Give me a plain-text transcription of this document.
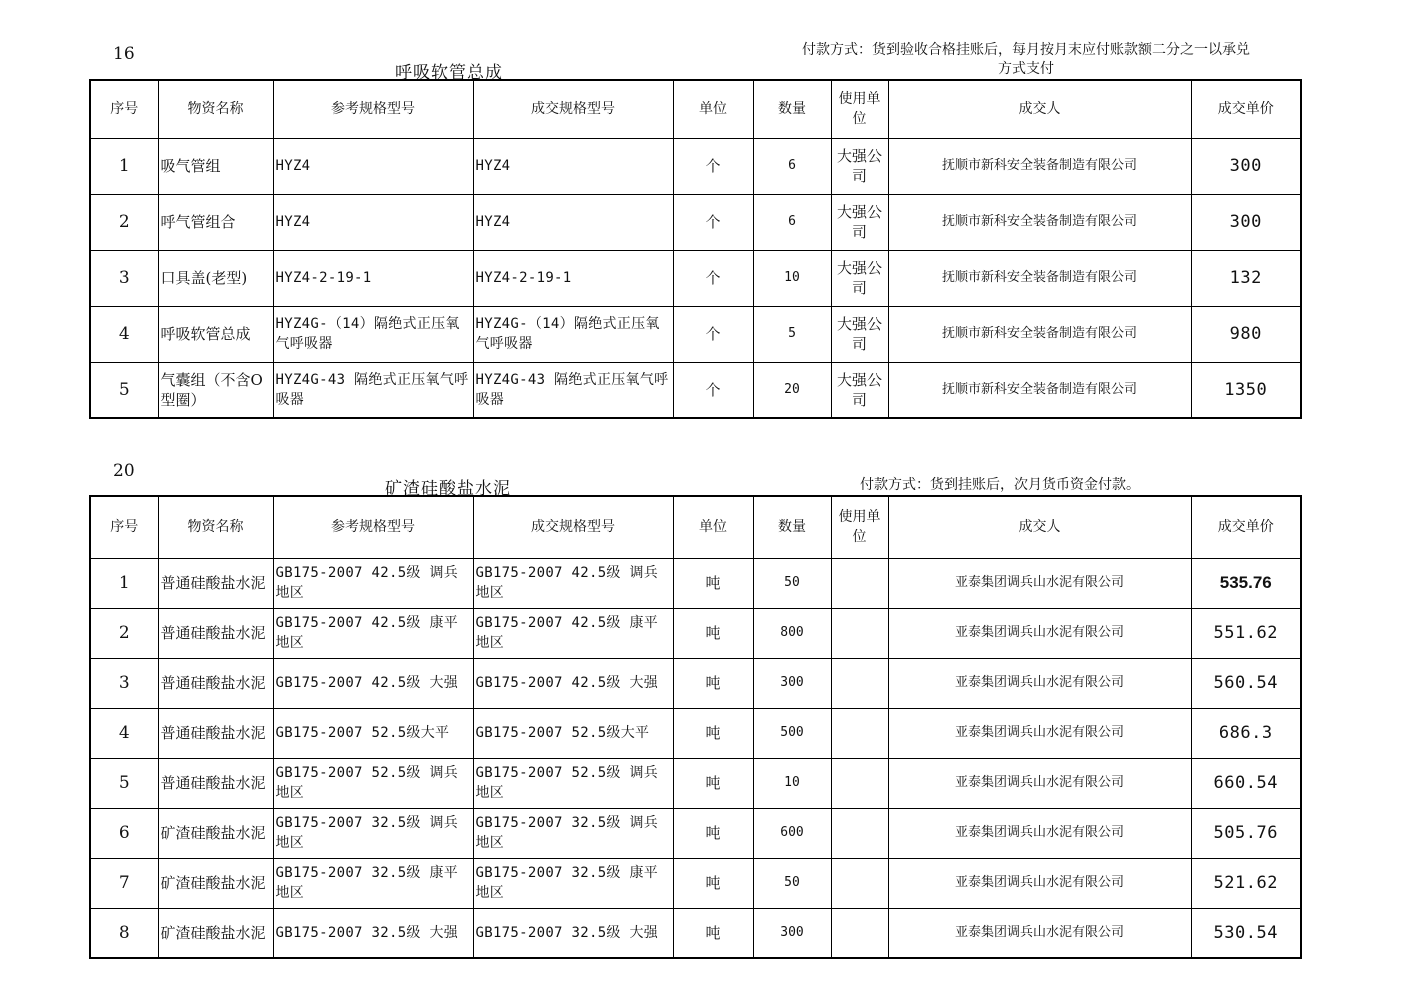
16
呼吸软管总成
付款方式：货到验收合格挂账后，每月按月末应付账款额二分之一以承兑
方式支付
序号	物资名称	参考规格型号	成交规格型号	单位	数量	使用单位	成交人	成交单价
1	吸气管组	HYZ4	HYZ4	个	6	大强公司	抚顺市新科安全装备制造有限公司	300
2	呼气管组合	HYZ4	HYZ4	个	6	大强公司	抚顺市新科安全装备制造有限公司	300
3	口具盖(老型)	HYZ4-2-19-1	HYZ4-2-19-1	个	10	大强公司	抚顺市新科安全装备制造有限公司	132
4	呼吸软管总成	HYZ4G-（14）隔绝式正压氧气呼吸器	HYZ4G-（14）隔绝式正压氧气呼吸器	个	5	大强公司	抚顺市新科安全装备制造有限公司	980
5	气囊组（不含O型圈）	HYZ4G-43 隔绝式正压氧气呼吸器	HYZ4G-43 隔绝式正压氧气呼吸器	个	20	大强公司	抚顺市新科安全装备制造有限公司	1350
20
矿渣硅酸盐水泥	付款方式：货到挂账后，次月货币资金付款。
序号	物资名称	参考规格型号	成交规格型号	单位	数量	使用单位	成交人	成交单价
1	普通硅酸盐水泥	GB175-2007 42.5级 调兵地区	GB175-2007 42.5级 调兵地区	吨	50		亚泰集团调兵山水泥有限公司	535.76
2	普通硅酸盐水泥	GB175-2007 42.5级 康平地区	GB175-2007 42.5级 康平地区	吨	800		亚泰集团调兵山水泥有限公司	551.62
3	普通硅酸盐水泥	GB175-2007 42.5级 大强	GB175-2007 42.5级 大强	吨	300		亚泰集团调兵山水泥有限公司	560.54
4	普通硅酸盐水泥	GB175-2007 52.5级大平	GB175-2007 52.5级大平	吨	500		亚泰集团调兵山水泥有限公司	686.3
5	普通硅酸盐水泥	GB175-2007 52.5级 调兵地区	GB175-2007 52.5级 调兵地区	吨	10		亚泰集团调兵山水泥有限公司	660.54
6	矿渣硅酸盐水泥	GB175-2007 32.5级 调兵地区	GB175-2007 32.5级 调兵地区	吨	600		亚泰集团调兵山水泥有限公司	505.76
7	矿渣硅酸盐水泥	GB175-2007 32.5级 康平地区	GB175-2007 32.5级 康平地区	吨	50		亚泰集团调兵山水泥有限公司	521.62
8	矿渣硅酸盐水泥	GB175-2007 32.5级 大强	GB175-2007 32.5级 大强	吨	300		亚泰集团调兵山水泥有限公司	530.54
